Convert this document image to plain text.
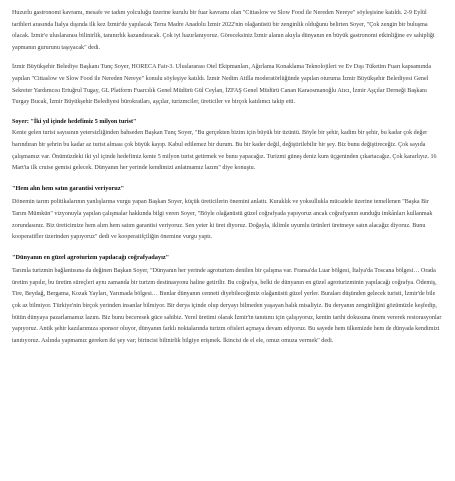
Huzurlu gastronomi kavramı, mesafe ve tadım yolculuğu üzerine kurulu bir fuar kavramı olan "Cittaslow ve Slow Food ile Nereden Nereye" söyleşisine katıldı. 2-9 Eylül tarihleri arasında İtalya dışında ilk kez İzmir'de yapılacak Terra Madre Anadolu İzmir 2022'nin olağanüstü bir zenginlik olduğunu belirten Soyer, "Çok zengin bir buluşma olacak. İzmir'e uluslararası bilinirlik, tanınırlık kazandıracak. Çok iyi hazırlanıyoruz. Göreceksiniz İzmir alanın akıyla dünyanın en büyük gastronomi etkinliğine ev sahipliği yapmanın gururunu taşıyacak" dedi.

İzmir Büyükşehir Belediye Başkanı Tunç Soyer, HORECA Fair-3. Uluslararası Otel Ekipmanları, Ağırlama Konaklama Teknolojileri ve Ev Dışı Tüketim Fuarı kapsamında yapılan "Cittaslow ve Slow Food ile Nereden Nereye" konulu söyleşiye katıldı. İzmir Nedim Atilla moderatörlüğünde yapılan oturuma İzmir Büyükşehir Belediyesi Genel Sekreter Yardımcısı Ertuğrul Tugay, GL Platform Fuarcılık Genel Müdürü Gül Ceylan, İZFAŞ Genel Müdürü Canan Karaosmanoğlu Atıcı, İzmir Aşçılar Derneği Başkanı Turgay Bucak, İzmir Büyükşehir Belediyesi bürokratları, aşçılar, turizmciler, üreticiler ve birçok katılımcı takip etti.

Soyer: "İki yıl içinde hedefimiz 5 milyon turist"
Kente gelen turist sayısının yetersizliğinden bahseden Başkan Tunç Soyer, "Bu gerçekten bizim için büyük bir üzüntü. Böyle bir şehir, kadim bir şehir, bu kadar çok değer barındıran bir şehrin bu kadar az turist alması çok büyük kayıp. Kabul edilemez bir durum. Bu bir kader değil, değiştirilebilir bir şey. Biz bunu değiştireceğiz. Çok sayıda çalışmamız var. Önümüzdeki iki yıl içinde hedefimiz kente 5 milyon turist getirmek ve bunu yapacağız. Turizmi güneş deniz kum üçgeninden çıkartacağız. Çok kararlıyız. 16 Mart'ta ilk cruise gemisi gelecek. Dünyanın her yerinde kendimizi anlatmamız lazım" diye konuştu.

"Hem alın hem satın garantisi veriyoruz"

Dönemin tarım politikalarının yanlışlarına vurgu yapan Başkan Soyer, küçük üreticilerin önemini anlattı. Kuraklık ve yoksullukla mücadele üzerine temellenen "Başka Bir Tarım Mümkün" vizyonuyla yapılan çalışmalar hakkında bilgi veren Soyer, "Böyle olağanüstü güzel coğrafyada yapıyoruz ancak coğrafyanın sunduğu imkânları kullanmak zorundasınız. Biz üreticimize hem alım hem satım garantisi veriyoruz. Sen yeter ki üret diyoruz. Doğayla, iklimle uyumlu ürünleri üretmeye satın alacağız diyoruz. Bunu kooperatifler üzerinden yapıyoruz" dedi ve kooperatifçiliğin önemine vurgu yaptı.

"Dünyanın en güzel agroturizm yapılacağı coğrafyadayız"

Tarımla turizmin bağlantısına da değinen Başkan Soyer, "Dünyanın her yerinde agroturizm denilen bir çalışma var. Fransa'da Luar bölgesi, İtalya'da Toscana bölgesi… Orada üretim yapılır, bu üretim süreçleri aynı zamanda bir turizm destinasyonu haline getirilir. Bu coğrafya, belki de dünyanın en güzel agroturizminin yapılacağı coğrafya. Ödemiş, Tire, Beydağ, Bergama, Kozak Yayları, Yarımada bölgesi… Bunlar dünyanın cenneti diyebileceğimiz olağanüstü güzel yerler. Buraları düşünden gelecek turisti, İzmir'de bile çok az bilmiyor. Türkiye'nin birçok yerinden insanlar bilmiyor. Bir derya içinde olup deryayı bilmeden yaşayan balık misaliyiz. Bu deryanın zenginliğini gözümüzle keşfedip, bütün dünyaya pazarlamamız lazım. Biz bunu beceresek güce sahibiz. Yerel üretimi olarak İzmir'in tanıtımı için çalışıyoruz, kentin tarihi dokusuna önem vererek restorasyonlar yapıyoruz. Antik şehir kazılarımıza sponsor oluyor, dünyanın farklı noktalarında turizm ofisleri açmaya devam ediyoruz. Bu sayede hem ülkemizde hem de dünyada kendimizi tanıtıyoruz. Aslında yapmamız gereken iki şey var; birincisi bilinirlik bilgiye erişmek. İkincisi de el ele, omuz omuza vermek" dedi.
